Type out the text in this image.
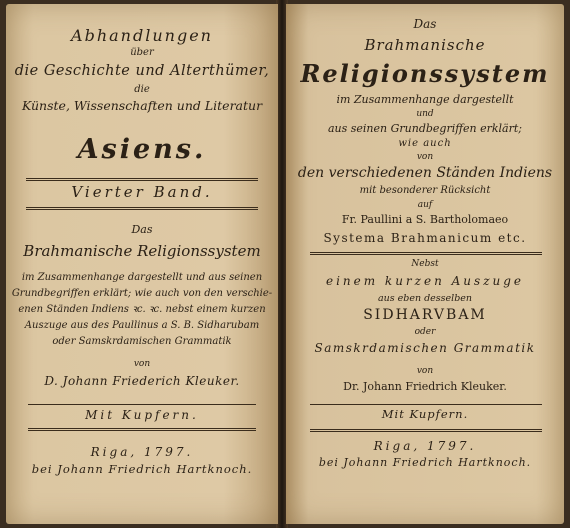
Abhandlungen
über
die Geschichte und Alterthümer,
die
Künste, Wissenschaften und Literatur
Asiens.
Vierter Band.
Das
Brahmanische Religionssystem
im Zusammenhange dargestellt und aus seinen
Grundbegriffen erklärt; wie auch von den verschie-
enen Ständen Indiens ꝛc. ꝛc. nebst einem kurzen
Auszuge aus des Paullinus a S. B. Sidharubam
oder Samskrdamischen Grammatik
von
D. Johann Friederich Kleuker.
Mit Kupfern.
Riga, 1797.
bei Johann Friedrich Hartknoch.
Das
Brahmanische
Religionssystem
im Zusammenhange dargestellt
und
aus seinen Grundbegriffen erklärt;
wie auch
von
den verschiedenen Ständen Indiens
mit besonderer Rücksicht
auf
Fr. Paullini a S. Bartholomaeo
Systema Brahmanicum etc.
Nebst
einem kurzen Auszuge
aus eben desselben
SIDHARVBAM
oder
Samskrdamischen Grammatik
von
Dr. Johann Friedrich Kleuker.
Mit Kupfern.
Riga, 1797.
bei Johann Friedrich Hartknoch.
